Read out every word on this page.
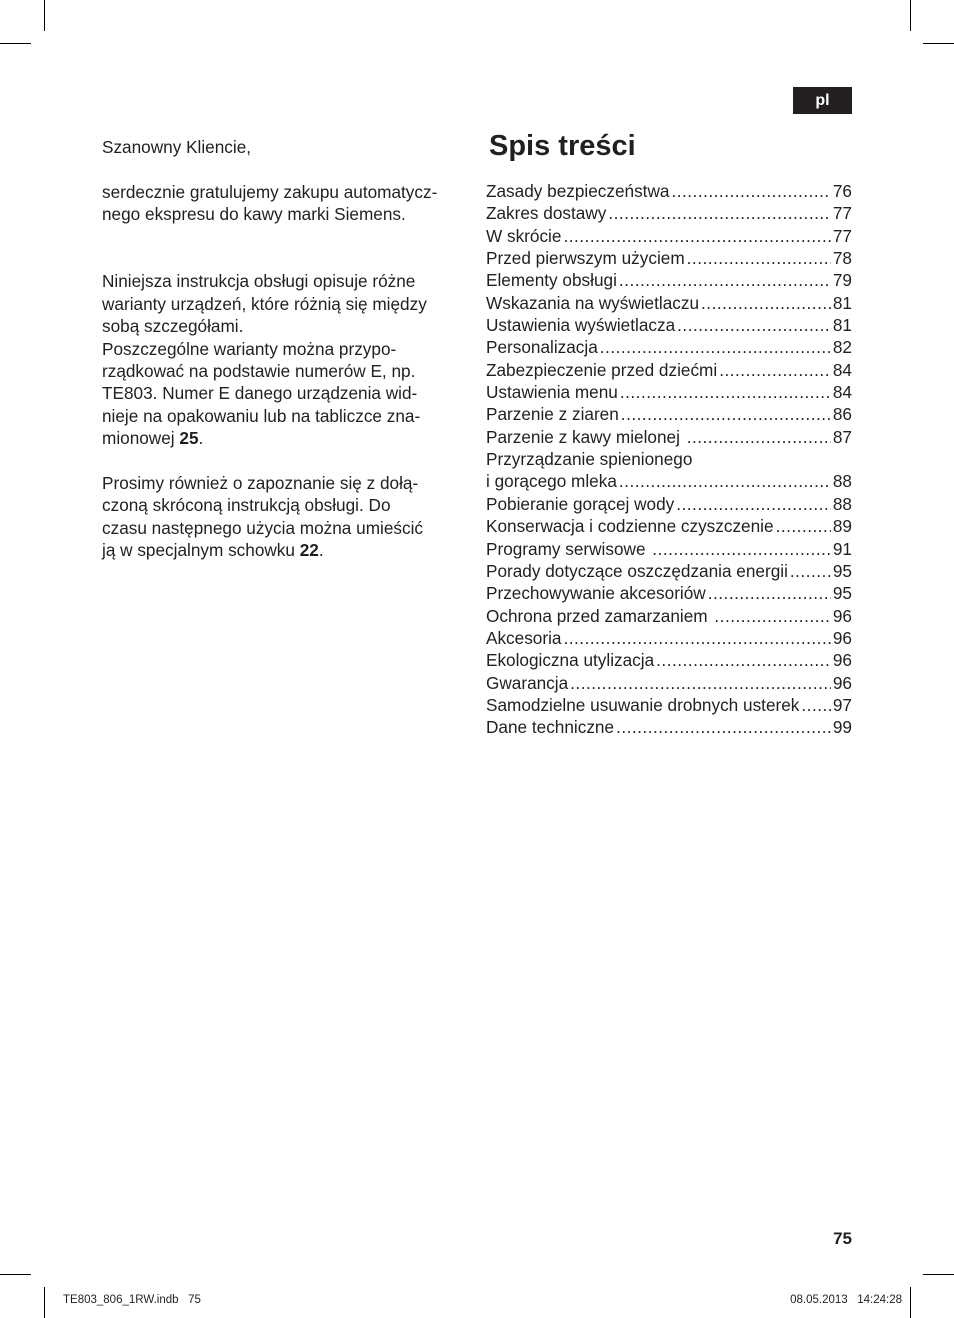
pl

Szanowny Kliencie,

serdecznie gratulujemy zakupu automatycz-
nego ekspresu do kawy marki Siemens.

Niniejsza instrukcja obsługi opisuje różne
warianty urządzeń, które różnią się między
sobą szczegółami.
Poszczególne warianty można przypo-
rządkować na podstawie numerów E, np.
TE803. Numer E danego urządzenia wid-
nieje na opakowaniu lub na tabliczce zna-
mionowej 25.

Prosimy również o zapoznanie się z dołą-
czoną skróconą instrukcją obsługi. Do
czasu następnego użycia można umieścić
ją w specjalnym schowku 22.

Spis treści
Zasady bezpieczeństwa .....	76
Zakres dostawy .....	77
W skrócie .....	77
Przed pierwszym użyciem .....	78
Elementy obsługi .....	79
Wskazania na wyświetlaczu .....	81
Ustawienia wyświetlacza .....	81
Personalizacja .....	82
Zabezpieczenie przed dziećmi .....	84
Ustawienia menu .....	84
Parzenie z ziaren .....	86
Parzenie z kawy mielonej .....	87
Przyrządzanie spienionego
i gorącego mleka .....	88
Pobieranie gorącej wody .....	88
Konserwacja i codzienne czyszczenie .....	89
Programy serwisowe .....	91
Porady dotyczące oszczędzania energii .....	95
Przechowywanie akcesoriów .....	95
Ochrona przed zamarzaniem .....	96
Akcesoria .....	96
Ekologiczna utylizacja .....	96
Gwarancja .....	96
Samodzielne usuwanie drobnych usterek ..... 97
Dane techniczne .....	99
75
TE803_806_1RW.indb   75	08.05.2013   14:24:28
